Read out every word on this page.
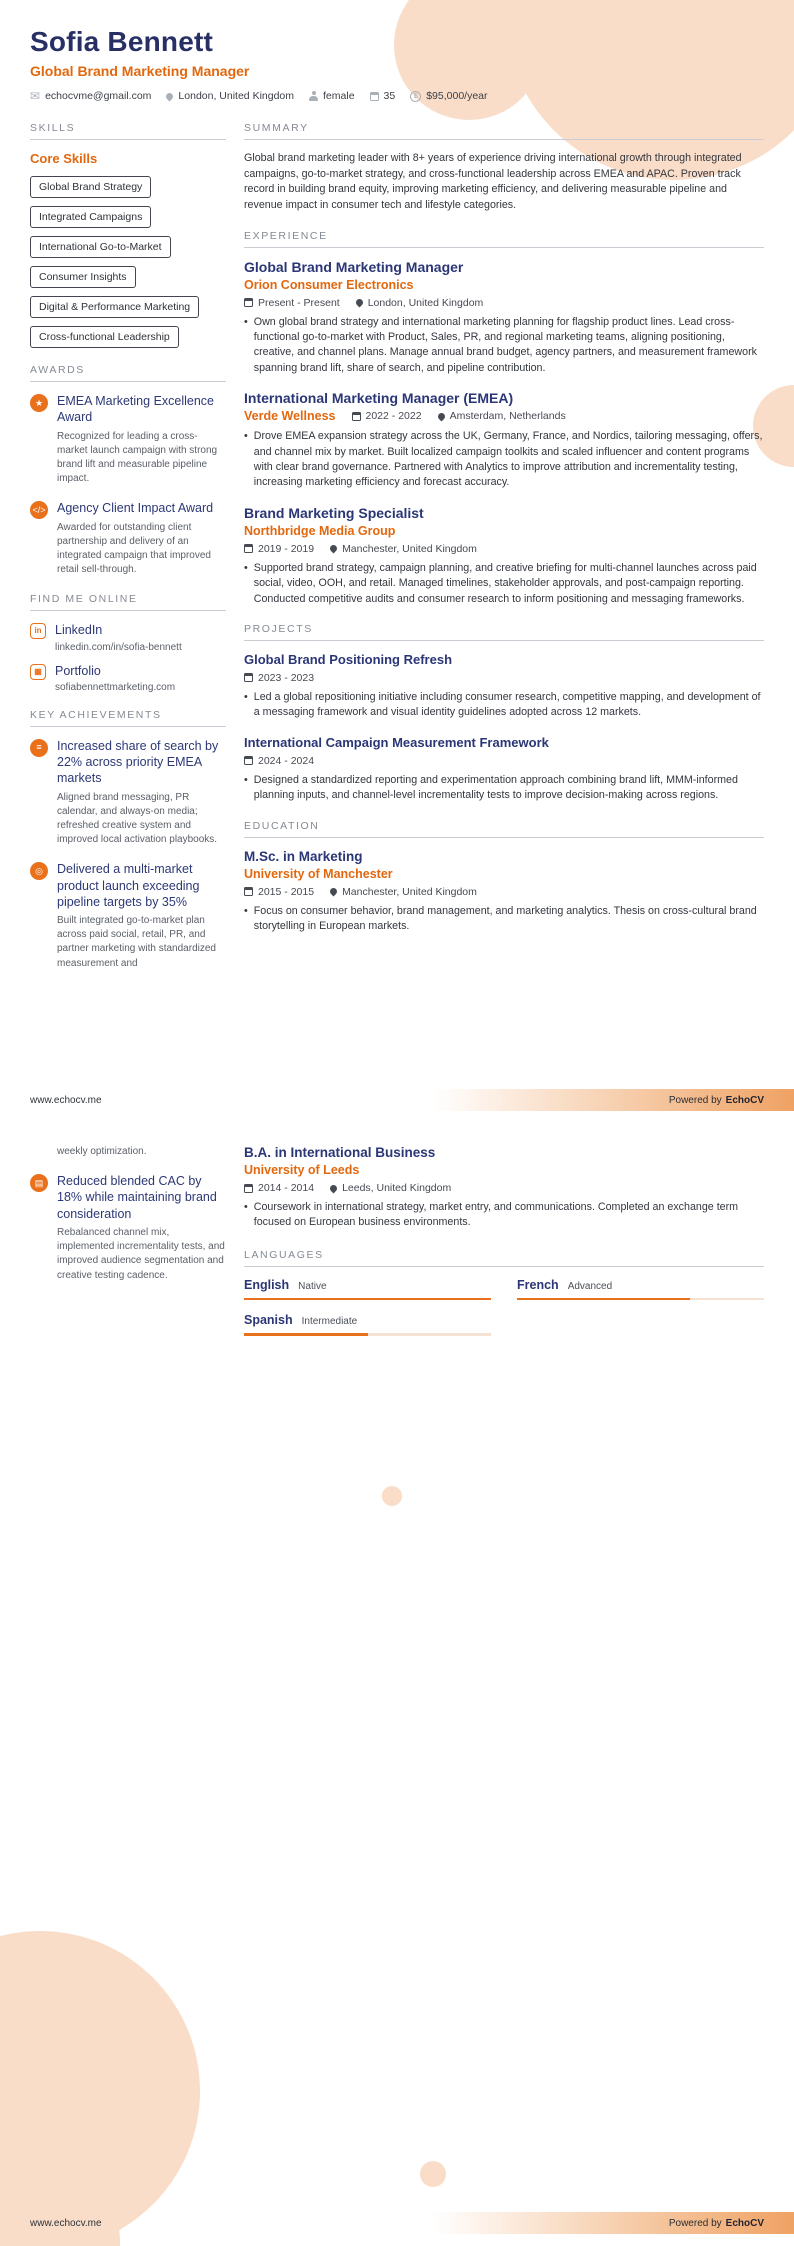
Sofia Bennett
Global Brand Marketing Manager
✉ echocvme@gmail.com	London, United Kingdom	female	35	$ $95,000/year
SKILLS
Core Skills
Global Brand Strategy
Integrated Campaigns
International Go-to-Market
Consumer Insights
Digital & Performance Marketing
Cross-functional Leadership
AWARDS
★	EMEA Marketing Excellence Award
Recognized for leading a cross-market launch campaign with strong brand lift and measurable pipeline impact.
</> Agency Client Impact Award
Awarded for outstanding client partnership and delivery of an integrated campaign that improved retail sell-through.
FIND ME ONLINE
in	LinkedIn
linkedin.com/in/sofia-bennett
▦	Portfolio
sofiabennettmarketing.com
KEY ACHIEVEMENTS
≡	Increased share of search by 22% across priority EMEA markets
Aligned brand messaging, PR calendar, and always-on media; refreshed creative system and improved local activation playbooks.
◎	Delivered a multi-market product launch exceeding pipeline targets by 35%
Built integrated go-to-market plan across paid social, retail, PR, and partner marketing with standardized measurement and
SUMMARY
Global brand marketing leader with 8+ years of experience driving international growth through integrated campaigns, go-to-market strategy, and cross-functional leadership across EMEA and APAC. Proven track record in building brand equity, improving marketing efficiency, and delivering measurable pipeline and revenue impact in consumer tech and lifestyle categories.
EXPERIENCE
Global Brand Marketing Manager
Orion Consumer Electronics
Present - Present	London, United Kingdom
• Own global brand strategy and international marketing planning for flagship product lines. Lead cross-functional go-to-market with Product, Sales, PR, and regional marketing teams, aligning positioning, creative, and channel plans. Manage annual brand budget, agency partners, and measurement framework spanning brand lift, share of search, and pipeline contribution.
International Marketing Manager (EMEA)
Verde Wellness	2022 - 2022	Amsterdam, Netherlands
• Drove EMEA expansion strategy across the UK, Germany, France, and Nordics, tailoring messaging, offers, and channel mix by market. Built localized campaign toolkits and scaled influencer and content programs with clear brand governance. Partnered with Analytics to improve attribution and incrementality testing, increasing marketing efficiency and forecast accuracy.
Brand Marketing Specialist
Northbridge Media Group
2019 - 2019	Manchester, United Kingdom
• Supported brand strategy, campaign planning, and creative briefing for multi-channel launches across paid social, video, OOH, and retail. Managed timelines, stakeholder approvals, and post-campaign reporting. Conducted competitive audits and consumer research to inform positioning and messaging frameworks.
PROJECTS
Global Brand Positioning Refresh
2023 - 2023
• Led a global repositioning initiative including consumer research, competitive mapping, and development of a messaging framework and visual identity guidelines adopted across 12 markets.
International Campaign Measurement Framework
2024 - 2024
• Designed a standardized reporting and experimentation approach combining brand lift, MMM-informed planning inputs, and channel-level incrementality tests to improve decision-making across regions.
EDUCATION
M.Sc. in Marketing
University of Manchester
2015 - 2015	Manchester, United Kingdom
• Focus on consumer behavior, brand management, and marketing analytics. Thesis on cross-cultural brand storytelling in European markets.
www.echocv.me	Powered by EchoCV
weekly optimization.
▤	Reduced blended CAC by 18% while maintaining brand consideration
Rebalanced channel mix, implemented incrementality tests, and improved audience segmentation and creative testing cadence.
B.A. in International Business
University of Leeds
2014 - 2014	Leeds, United Kingdom
• Coursework in international strategy, market entry, and communications. Completed an exchange term focused on European business environments.
LANGUAGES
English Native	French Advanced
Spanish Intermediate
www.echocv.me	Powered by EchoCV
